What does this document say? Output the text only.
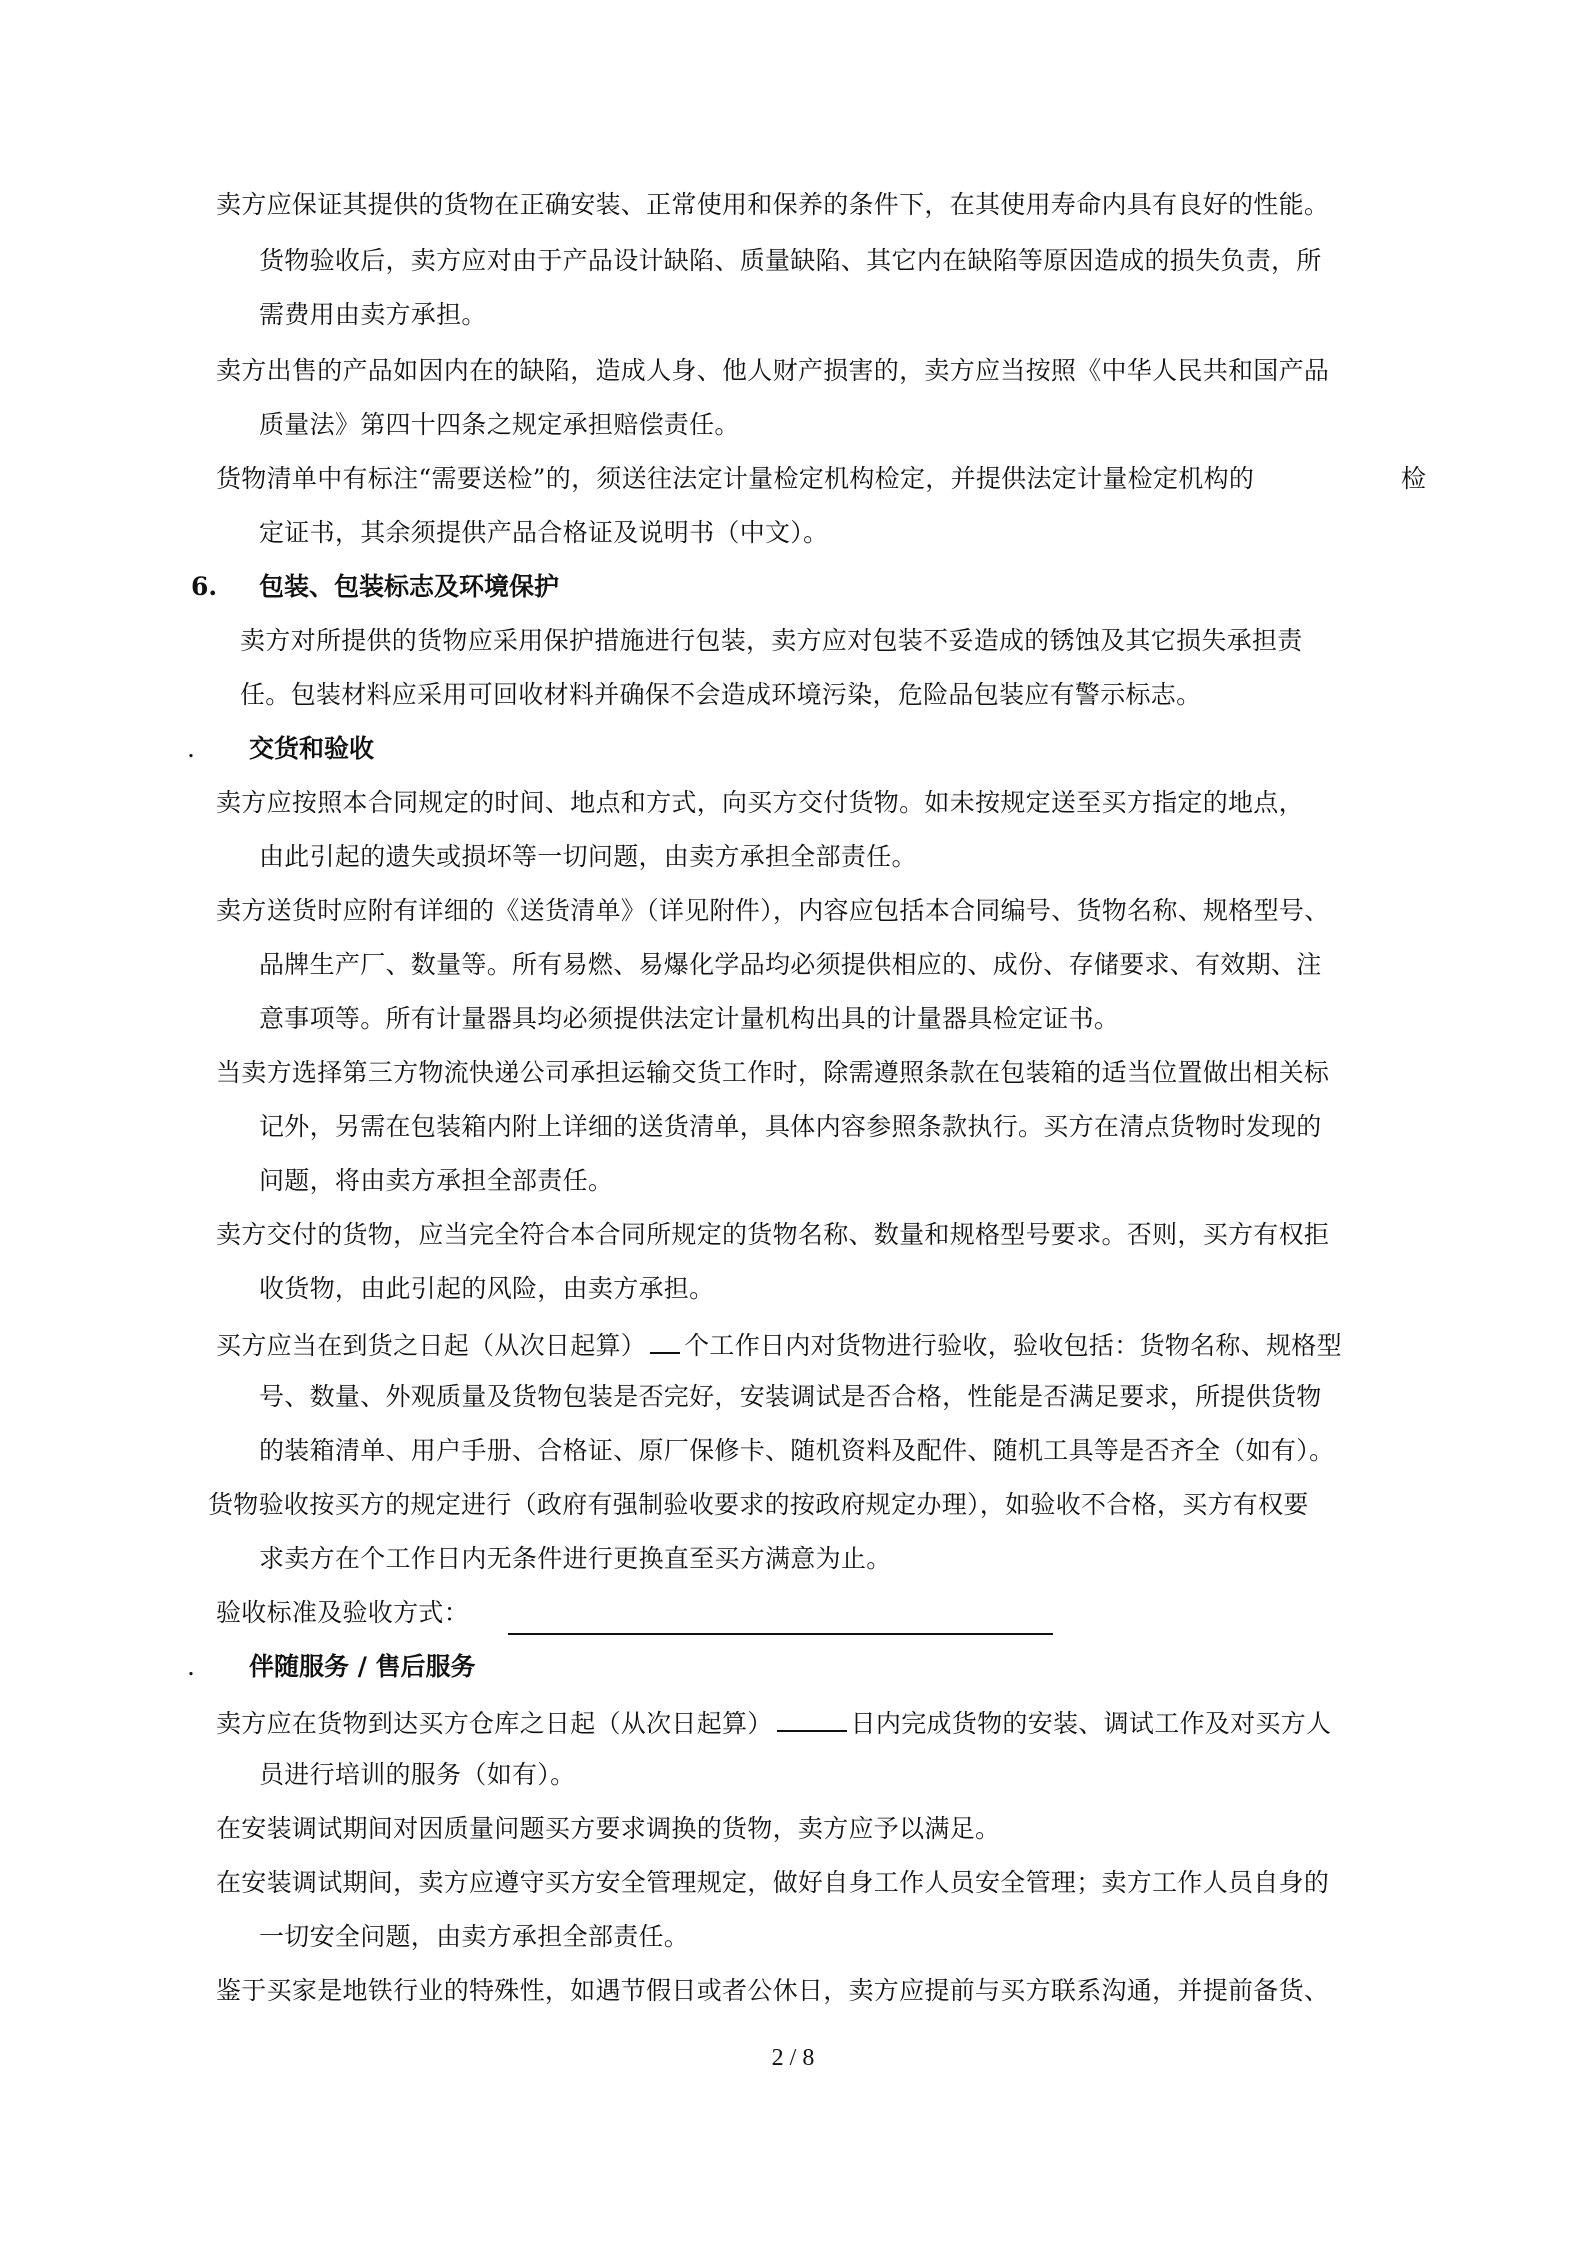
卖方应保证其提供的货物在正确安装、正常使用和保养的条件下，在其使用寿命内具有良好的性能。
货物验收后，卖方应对由于产品设计缺陷、质量缺陷、其它内在缺陷等原因造成的损失负责，所
需费用由卖方承担。
卖方出售的产品如因内在的缺陷，造成人身、他人财产损害的，卖方应当按照《中华人民共和国产品
质量法》第四十四条之规定承担赔偿责任。
货物清单中有标注“需要送检”的，须送往法定计量检定机构检定，并提供法定计量检定机构的	检
定证书，其余须提供产品合格证及说明书（中文）。
6. 包装、包装标志及环境保护
卖方对所提供的货物应采用保护措施进行包装，卖方应对包装不妥造成的锈蚀及其它损失承担责
任。包装材料应采用可回收材料并确保不会造成环境污染，危险品包装应有警示标志。
. 交货和验收
卖方应按照本合同规定的时间、地点和方式，向买方交付货物。如未按规定送至买方指定的地点，
由此引起的遗失或损坏等一切问题，由卖方承担全部责任。
卖方送货时应附有详细的《送货清单》（详见附件），内容应包括本合同编号、货物名称、规格型号、
品牌生产厂、数量等。所有易燃、易爆化学品均必须提供相应的、成份、存储要求、有效期、注
意事项等。所有计量器具均必须提供法定计量机构出具的计量器具检定证书。
当卖方选择第三方物流快递公司承担运输交货工作时，除需遵照条款在包装箱的适当位置做出相关标
记外，另需在包装箱内附上详细的送货清单，具体内容参照条款执行。买方在清点货物时发现的
问题，将由卖方承担全部责任。
卖方交付的货物，应当完全符合本合同所规定的货物名称、数量和规格型号要求。否则，买方有权拒
收货物，由此引起的风险，由卖方承担。
买方应当在到货之日起（从次日起算） 个工作日内对货物进行验收，验收包括：货物名称、规格型
号、数量、外观质量及货物包装是否完好，安装调试是否合格，性能是否满足要求，所提供货物
的装箱清单、用户手册、合格证、原厂保修卡、随机资料及配件、随机工具等是否齐全（如有）。
货物验收按买方的规定进行（政府有强制验收要求的按政府规定办理），如验收不合格，买方有权要
求卖方在个工作日内无条件进行更换直至买方满意为止。
验收标准及验收方式：
. 伴随服务 / 售后服务
卖方应在货物到达买方仓库之日起（从次日起算）	日内完成货物的安装、调试工作及对买方人
员进行培训的服务（如有）。
在安装调试期间对因质量问题买方要求调换的货物，卖方应予以满足。
在安装调试期间，卖方应遵守买方安全管理规定，做好自身工作人员安全管理；卖方工作人员自身的
一切安全问题，由卖方承担全部责任。
鉴于买家是地铁行业的特殊性，如遇节假日或者公休日，卖方应提前与买方联系沟通，并提前备货、
2 / 8
